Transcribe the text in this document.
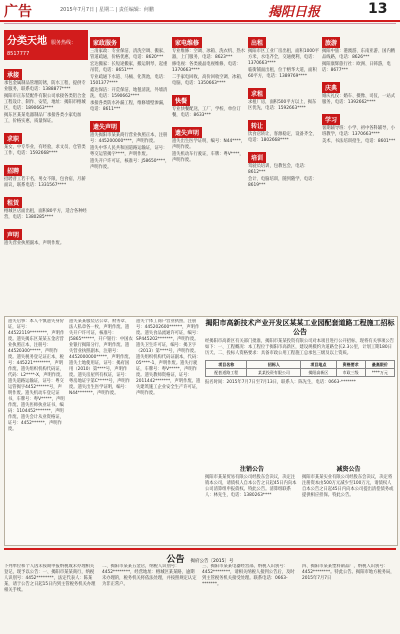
广告	2015年7月7日 | 星期二 | 责任编辑：何鹏	揭阳日报	13
分类天地 服务热线：8517777
承接
承包金属制品管理防锈，防水工程，提供专业服务，联系电话：1388877****
揭阳市正东装配件有限公司承接各类铝合金工程设计、制作、安装，地址：揭阳市榕城区，电话：1890663****
揭东区某某电器制品厂承接各类小家电加工，价格实惠，质量保证。
求职
某女，中专毕业，有经验，求文员、仓管类工作，电话：1592668****
招聘
招聘普工若干名，男女不限，包食宿，月薪面议，联系电话：1331567****
租赁
榕城区店面出租，面积80平方，适合各种经营，电话：1380285****
声明
遗失营业执照副本，声明作废。
家政服务
三清家政：专业保洁、清洗空调、搬家、管道疏通，价格优惠，电话：8620***
宏达搬家：长短途搬家，搬运钢琴，起重吊装，电话：8651***
专业疏通下水道、马桶、化粪池，电话：1501377****
鑫达保洁：开荒保洁，地毯清洗，外墙清洗，电话：1590662****
承接各类防水补漏工程，维修墙壁渗漏，电话：8611***
遗失声明
遗失揭阳市某某商行营业执照正本，注册号：445200000****，声明作废。
遗失中华人民共和国道路运输证，证号：粤交运管揭字****，声明作废。
遗失开户许可证，核准号：J58650****，声明作废。
家电维修
专业维修：空调、冰箱、洗衣机、热水器，上门服务，电话：8623***
修电视：各类液晶电视维修，电话：1370663****
二手家电回收，高价回收空调、冰箱、电脑，电话：1350663****
快餐
专业快餐配送，工厂、学校、单位订餐，电话：8633***
遗失声明
遗失出生医学证明，编号：N44****，声明作废。
遗失机动车行驶证，车牌：粤V****，声明作废。
出租
揭阳市区工业厂房出租，面积1000平方米，水电齐全，交通便利，电话：1370663****
临街铺面出租，位于榕华大道，面积60平方，电话：1389769****
求租
求租厂房，面积500平方以上，揭东区优先，电话：1592663****
转让
饮食店转让，客源稳定，设备齐全，电话：1802668****
培训
驾驶员培训，包教包会，电话：8612***
会计、电脑培训，随到随学，电话：8619***
旅游
揭阳中旅：港澳游、东南亚游、国内精品线路，电话：8626***
揭阳康辉旅行社：欧洲、日韩游，电话：8677***
庆典
婚庆礼仪：婚车、摄像、司仪，一站式服务，电话：1392662****
学习
暑期辅导班：小学、初中各科辅导，小班教学，电话：1370663****
美术、书法培训招生，电话：8601***
遗失启事：本人不慎遗失身份证，证号：44522119********，声明作废。遗失揭东区某某五金店营业执照正本，注册号：44520300*****，声明作废。遗失税务登记证正本，税号：445221********，声明作废。遗失组织机构代码证，代码：L2****-X，声明作废。遗失道路运输证，证号：粤交运管揭字4452******号，声明作废。遗失机动车登记证书，车牌号：粤V*****，声明作废。遗失医师执业证书，编码：1104452*******，声明作废。遗失会计从业资格证，证号：4452******，声明作废。
遗失某某服装店公章、财务章、法人私章各一枚，声明作废。遗失开户许可证，核准号：J5865******，开户银行：中国农业银行揭阳分行，声明作废。遗失营业执照副本，注册号：4452000000*****，声明作废。遗失土地使用证，证号：揭府国用（2010）第****号，声明作废。遗失房屋所有权证，证号：粤房地证字第C*****号，声明作废。遗失出生医学证明，编号：N44*******，声明作废。
遗失个体工商户营业执照，注册号：445202600******，声明作废。遗失食品流通许可证，编号：SP445202*******，声明作废。遗失卫生许可证，编号：揭卫字（2013）第****号，声明作废。遗失组织机构代码证副本，代码：05****-1，声明作废。遗失行驶证，车牌号：粤V*****，声明作废。遗失教师资格证，证号：2011442*******，声明作废。遗失建筑施工企业安全生产许可证，声明作废。
揭阳市高新技术产业开发区某某工业园配套道路工程施工招标公告

经揭阳市高新区有关部门批准，揭阳市某某投资有限公司对本项目进行公开招标，现将有关事项公告如下：一、工程概况：本工程位于揭阳市高新区，建设规模约为道路全长2.3公里，计划工期180日历天。二、投标人资格要求：具备市政公用工程施工总承包三级及以上资质。

项目名称	招标人	项目地点	资格要求	最高限价
配套道路工程	某某投资有限公司	揭阳高新区	市政三级	****万元

报名时间：2015年7月7日至7月13日，联系人：陈先生，电话：0663-*******

注销公告
揭阳市某某贸易有限公司经股东会决议，决定注销本公司，请债权人自本公告之日起45日内向本公司清算组申报债权。特此公告。清算组联系人：林先生，电话：1380263****
减资公告
揭阳市某某实业有限公司经股东会决议，决定将注册资本由500万元减少至100万元，请债权人自本公告之日起45日内向本公司提出清偿债务或提供相应担保。特此公告。
公告 揭府公告〔2015〕号
下列单位和个人因未按期申报纳税或未办理相关登记，现予以公告：一、揭阳市某某商行，纳税人识别号：4452********，法定代表人：陈某某，请于公告之日起15日内到主管税务机关办理相关手续。
二、揭阳市某某五金店，纳税人识别号：4452********，经营地址：榕城区某某路，逾期未办理的，税务机关将依法处理，并按照规定认定为非正常户。
三、揭阳市某某电器经营部，纳税人识别号：4452********，请相关纳税人接到公告后，及时到主管税务机关接受处理。联系电话：0663-*******。
四、揭阳市某某塑料制品厂，纳税人识别号：4452********。特此公告。揭阳市地方税务局，2015年7月7日
